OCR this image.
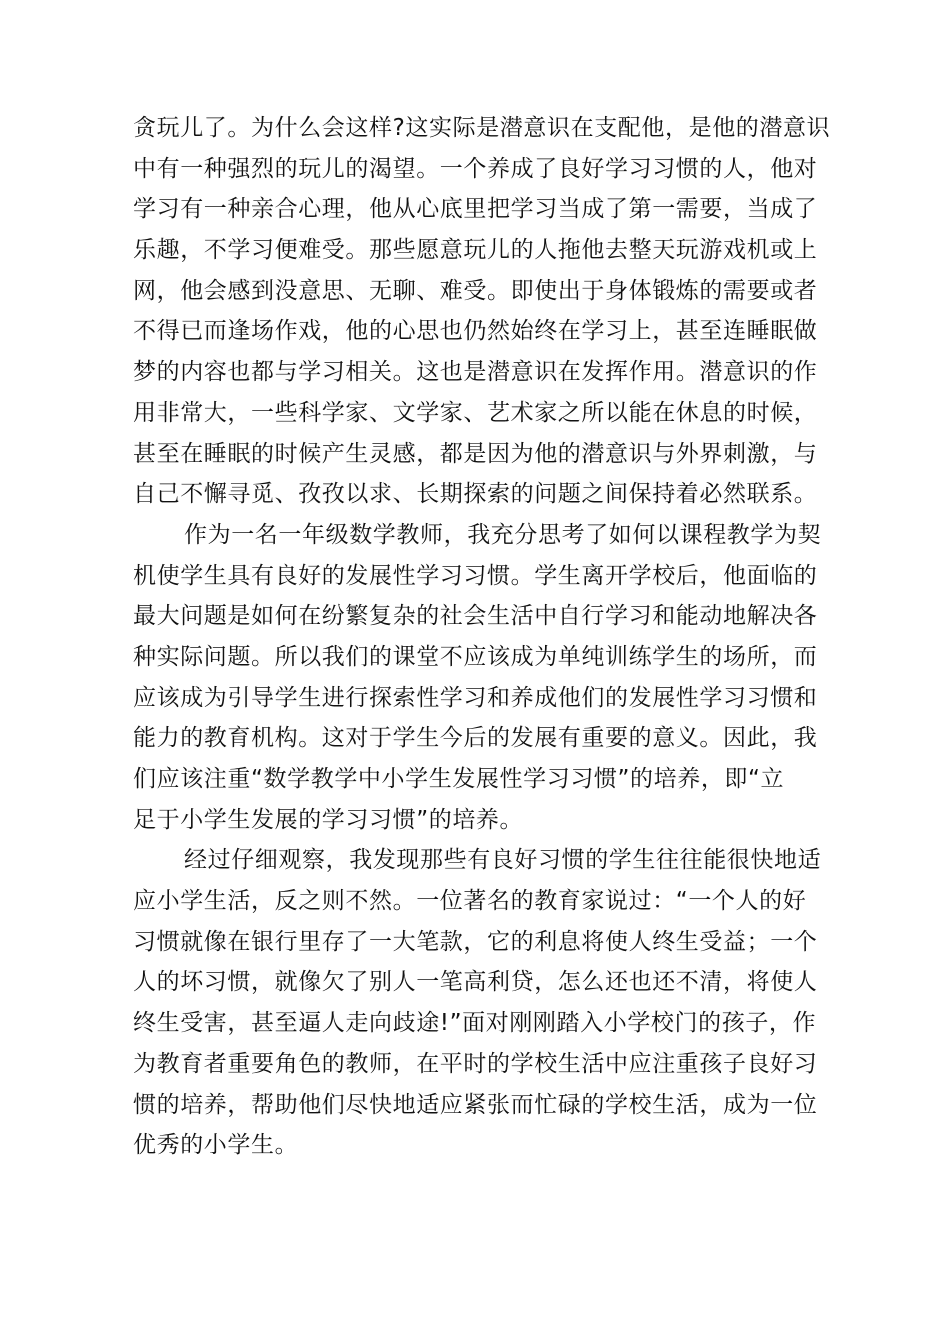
贪玩儿了。为什么会这样?这实际是潜意识在支配他，是他的潜意识
中有一种强烈的玩儿的渴望。一个养成了良好学习习惯的人，他对
学习有一种亲合心理，他从心底里把学习当成了第一需要，当成了
乐趣，不学习便难受。那些愿意玩儿的人拖他去整天玩游戏机或上
网，他会感到没意思、无聊、难受。即使出于身体锻炼的需要或者
不得已而逢场作戏，他的心思也仍然始终在学习上，甚至连睡眠做
梦的内容也都与学习相关。这也是潜意识在发挥作用。潜意识的作
用非常大，一些科学家、文学家、艺术家之所以能在休息的时候，
甚至在睡眠的时候产生灵感，都是因为他的潜意识与外界刺激，与
自己不懈寻觅、孜孜以求、长期探索的问题之间保持着必然联系。
作为一名一年级数学教师，我充分思考了如何以课程教学为契
机使学生具有良好的发展性学习习惯。学生离开学校后，他面临的
最大问题是如何在纷繁复杂的社会生活中自行学习和能动地解决各
种实际问题。所以我们的课堂不应该成为单纯训练学生的场所，而
应该成为引导学生进行探索性学习和养成他们的发展性学习习惯和
能力的教育机构。这对于学生今后的发展有重要的意义。因此，我
们应该注重“数学教学中小学生发展性学习习惯”的培养，即“立
足于小学生发展的学习习惯”的培养。
经过仔细观察，我发现那些有良好习惯的学生往往能很快地适
应小学生活，反之则不然。一位著名的教育家说过：“一个人的好
习惯就像在银行里存了一大笔款，它的利息将使人终生受益；一个
人的坏习惯，就像欠了别人一笔高利贷，怎么还也还不清，将使人
终生受害，甚至逼人走向歧途!”面对刚刚踏入小学校门的孩子，作
为教育者重要角色的教师，在平时的学校生活中应注重孩子良好习
惯的培养，帮助他们尽快地适应紧张而忙碌的学校生活，成为一位
优秀的小学生。
